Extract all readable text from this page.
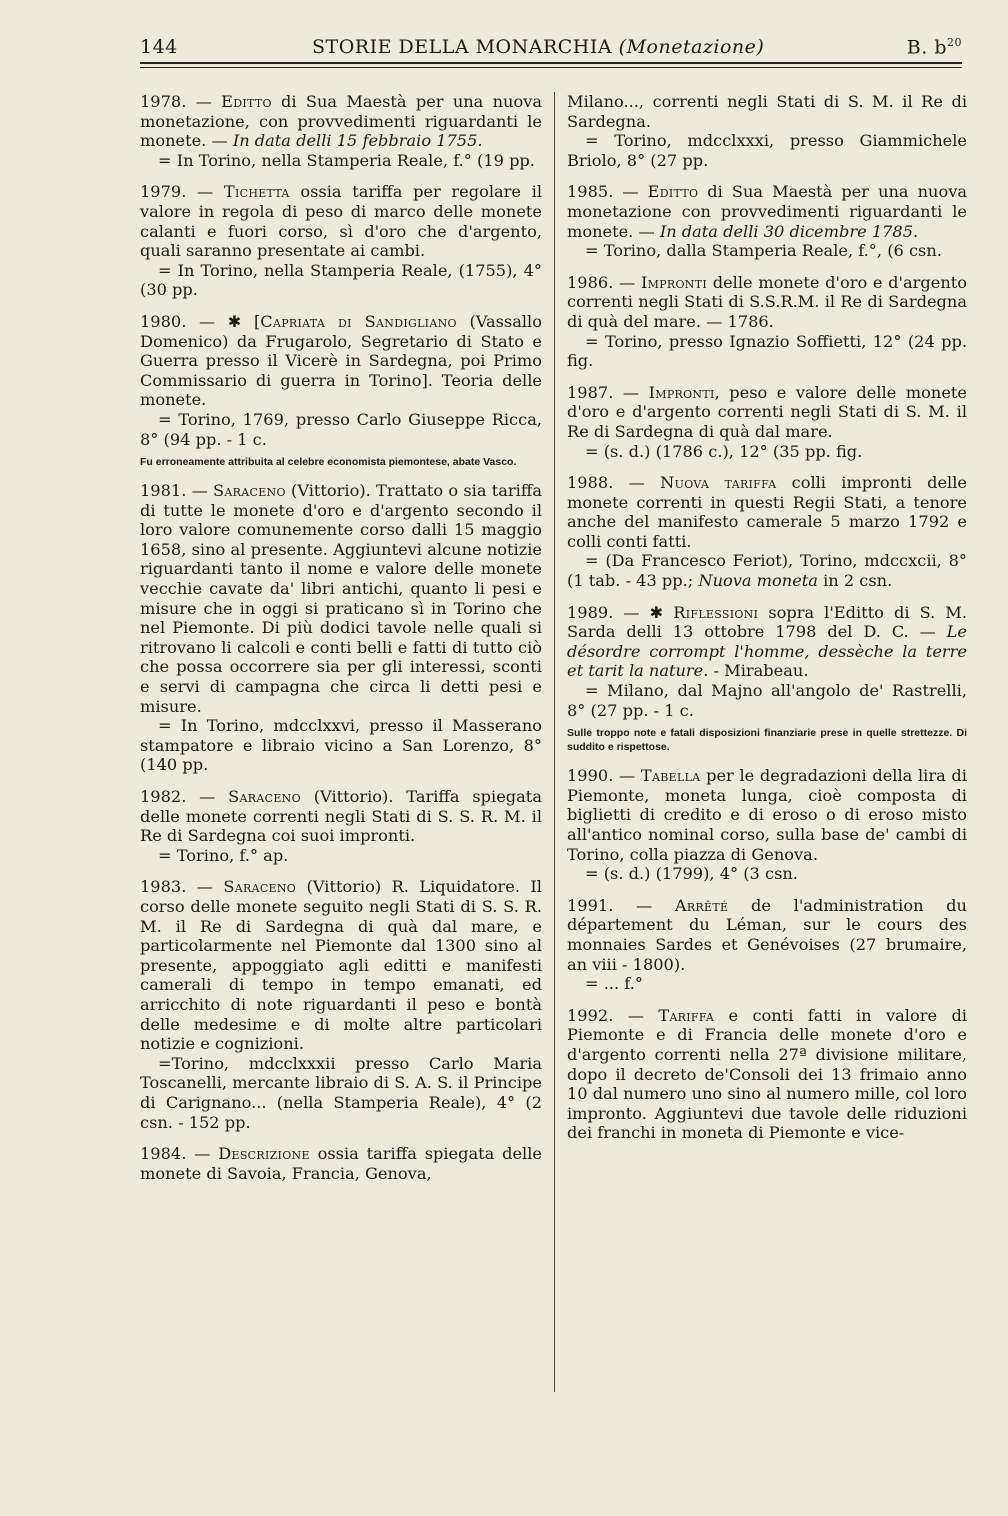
144	STORIE DELLA MONARCHIA (Monetazione)	B. $b^{20}$

1978. — Editto di Sua Maestà per una nuova monetazione, con provvedimenti riguardanti le monete. — In data delli 15 febbraio 1755.

= In Torino, nella Stamperia Reale, f.° (19 pp.

1979. — Tichetta ossia tariffa per regolare il valore in regola di peso di marco delle monete calanti e fuori corso, sì d'oro che d'argento, quali saranno presentate ai cambi.

= In Torino, nella Stamperia Reale, (1755), 4° (30 pp.

1980. — ✱ [Capriata di Sandigliano (Vassallo Domenico) da Frugarolo, Segretario di Stato e Guerra presso il Vicerè in Sardegna, poi Primo Commissario di guerra in Torino]. Teoria delle monete.

= Torino, 1769, presso Carlo Giuseppe Ricca, 8° (94 pp. - 1 c.

Fu erroneamente attribuita al celebre economista piemontese, abate Vasco.

1981. — Saraceno (Vittorio). Trattato o sia tariffa di tutte le monete d'oro e d'argento secondo il loro valore comunemente corso dalli 15 maggio 1658, sino al presente. Aggiuntevi alcune notizie riguardanti tanto il nome e valore delle monete vecchie cavate da' libri antichi, quanto li pesi e misure che in oggi si praticano sì in Torino che nel Piemonte. Di più dodici tavole nelle quali si ritrovano li calcoli e conti belli e fatti di tutto ciò che possa occorrere sia per gli interessi, sconti e servi di campagna che circa li detti pesi e misure.

= In Torino, mdcclxxvi, presso il Masserano stampatore e libraio vicino a San Lorenzo, 8° (140 pp.

1982. — Saraceno (Vittorio). Tariffa spiegata delle monete correnti negli Stati di S. S. R. M. il Re di Sardegna coi suoi impronti.

= Torino, f.° ap.

1983. — Saraceno (Vittorio) R. Liquidatore. Il corso delle monete seguito negli Stati di S. S. R. M. il Re di Sardegna di quà dal mare, e particolarmente nel Piemonte dal 1300 sino al presente, appoggiato agli editti e manifesti camerali di tempo in tempo emanati, ed arricchito di note riguardanti il peso e bontà delle medesime e di molte altre particolari notizie e cognizioni.

=Torino, mdcclxxxii presso Carlo Maria Toscanelli, mercante libraio di S. A. S. il Principe di Carignano... (nella Stamperia Reale), 4° (2 csn. - 152 pp.

1984. — Descrizione ossia tariffa spiegata delle monete di Savoia, Francia, Genova,

Milano..., correnti negli Stati di S. M. il Re di Sardegna.

= Torino, mdcclxxxi, presso Giammichele Briolo, 8° (27 pp.

1985. — Editto di Sua Maestà per una nuova monetazione con provvedimenti riguardanti le monete. — In data delli 30 dicembre 1785.

= Torino, dalla Stamperia Reale, f.°, (6 csn.

1986. — Impronti delle monete d'oro e d'argento correnti negli Stati di S.S.R.M. il Re di Sardegna di quà del mare. — 1786.

= Torino, presso Ignazio Soffietti, 12° (24 pp. fig.

1987. — Impronti, peso e valore delle monete d'oro e d'argento correnti negli Stati di S. M. il Re di Sardegna di quà dal mare.

= (s. d.) (1786 c.), 12° (35 pp. fig.

1988. — Nuova tariffa colli impronti delle monete correnti in questi Regii Stati, a tenore anche del manifesto camerale 5 marzo 1792 e colli conti fatti.

= (Da Francesco Feriot), Torino, mdccxcii, 8° (1 tab. - 43 pp.; Nuova moneta in 2 csn.

1989. — ✱ Riflessioni sopra l'Editto di S. M. Sarda delli 13 ottobre 1798 del D. C. — Le désordre corrompt l'homme, dessèche la terre et tarit la nature. - Mirabeau.

= Milano, dal Majno all'angolo de' Rastrelli, 8° (27 pp. - 1 c.

Sulle troppo note e fatali disposizioni finanziarie prese in quelle strettezze. Di suddito e rispettose.

1990. — Tabella per le degradazioni della lira di Piemonte, moneta lunga, cioè composta di biglietti di credito e di eroso o di eroso misto all'antico nominal corso, sulla base de' cambi di Torino, colla piazza di Genova.

= (s. d.) (1799), 4° (3 csn.

1991. — Arrêté de l'administration du département du Léman, sur le cours des monnaies Sardes et Genévoises (27 brumaire, an viii - 1800).

= ... f.°

1992. — Tariffa e conti fatti in valore di Piemonte e di Francia delle monete d'oro e d'argento correnti nella 27ª divisione militare, dopo il decreto de'Consoli dei 13 frimaio anno 10 dal numero uno sino al numero mille, col loro impronto. Aggiuntevi due tavole delle riduzioni dei franchi in moneta di Piemonte e vice-
